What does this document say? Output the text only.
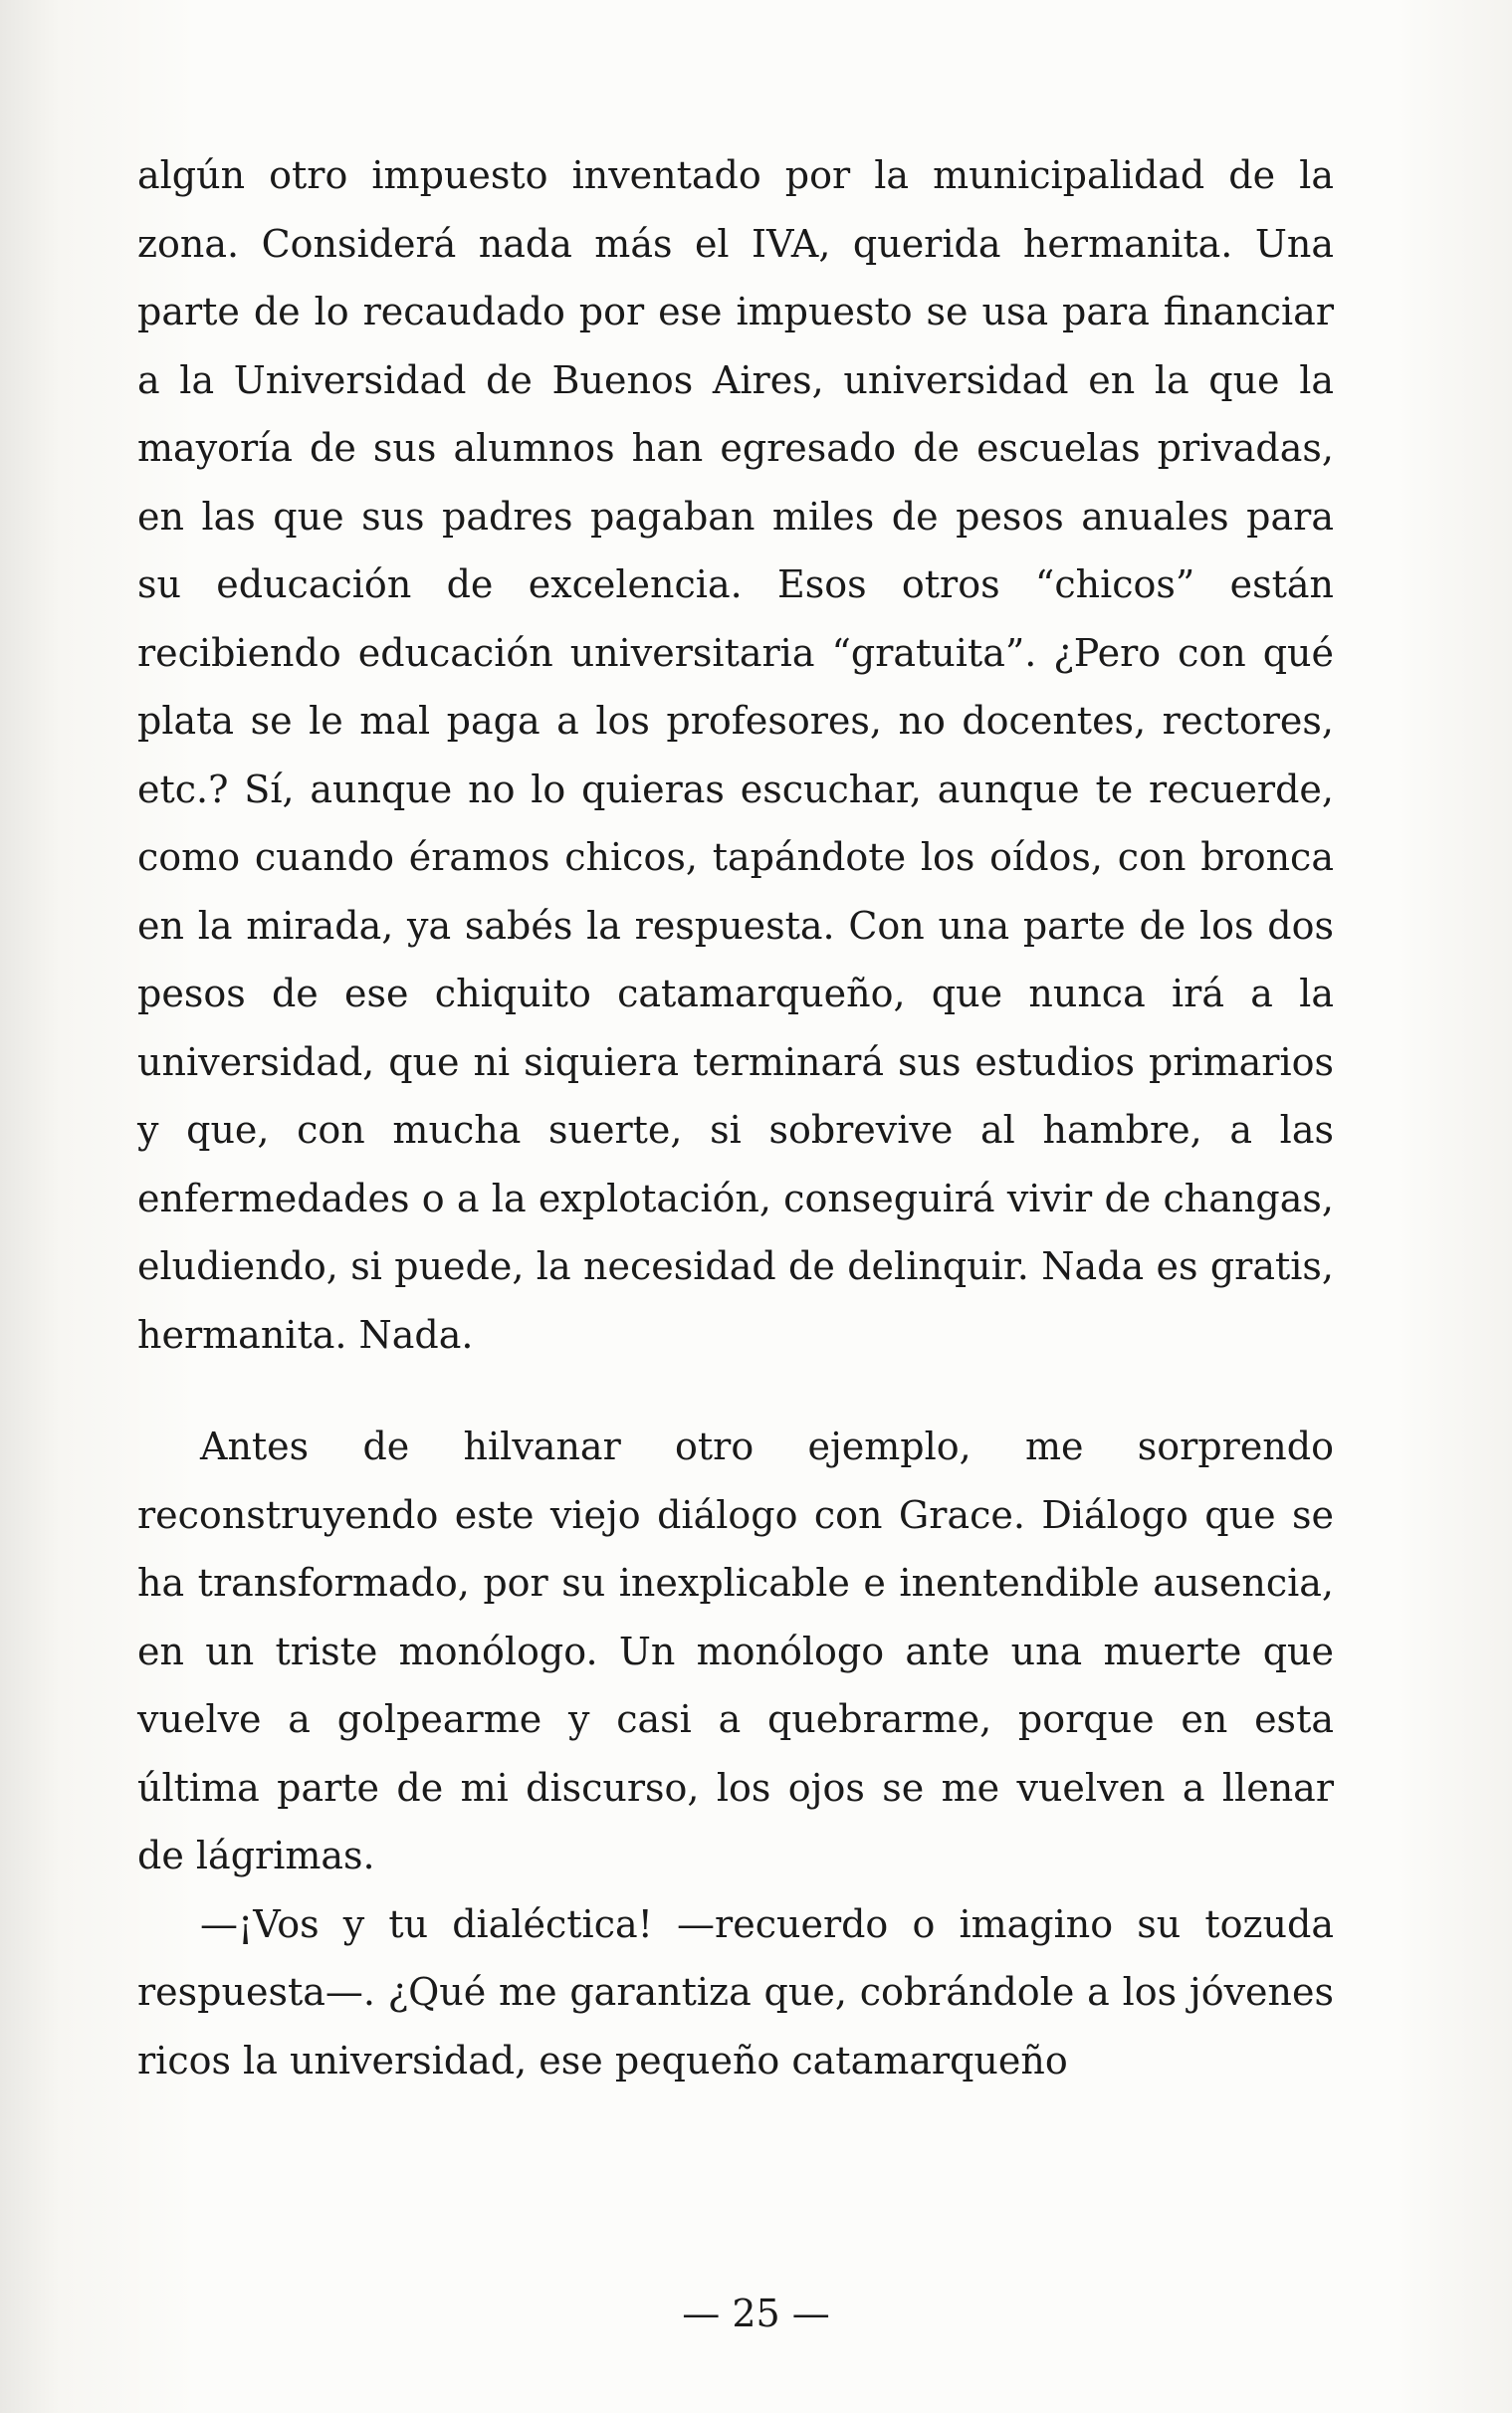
algún otro impuesto inventado por la municipalidad de la zona. Considerá nada más el IVA, querida hermanita. Una parte de lo recaudado por ese impuesto se usa para financiar a la Universidad de Buenos Aires, universidad en la que la mayoría de sus alumnos han egresado de escuelas privadas, en las que sus padres pagaban miles de pesos anuales para su educación de excelencia. Esos otros “chicos” están recibiendo educación universitaria “gratuita”. ¿Pero con qué plata se le mal paga a los profesores, no docentes, rectores, etc.? Sí, aunque no lo quieras escuchar, aunque te recuerde, como cuando éramos chicos, tapándote los oídos, con bronca en la mirada, ya sabés la respuesta. Con una parte de los dos pesos de ese chiquito catamarqueño, que nunca irá a la universidad, que ni siquiera terminará sus estudios primarios y que, con mucha suerte, si sobrevive al hambre, a las enfermedades o a la explotación, conseguirá vivir de changas, eludiendo, si puede, la necesidad de delinquir. Nada es gratis, hermanita. Nada.

Antes de hilvanar otro ejemplo, me sorprendo reconstruyendo este viejo diálogo con Grace. Diálogo que se ha transformado, por su inexplicable e inentendible ausencia, en un triste monólogo. Un monólogo ante una muerte que vuelve a golpearme y casi a quebrarme, porque en esta última parte de mi discurso, los ojos se me vuelven a llenar de lágrimas.

—¡Vos y tu dialéctica! —recuerdo o imagino su tozuda respuesta—. ¿Qué me garantiza que, cobrándole a los jóvenes ricos la universidad, ese pequeño catamarqueño

— 25 —
